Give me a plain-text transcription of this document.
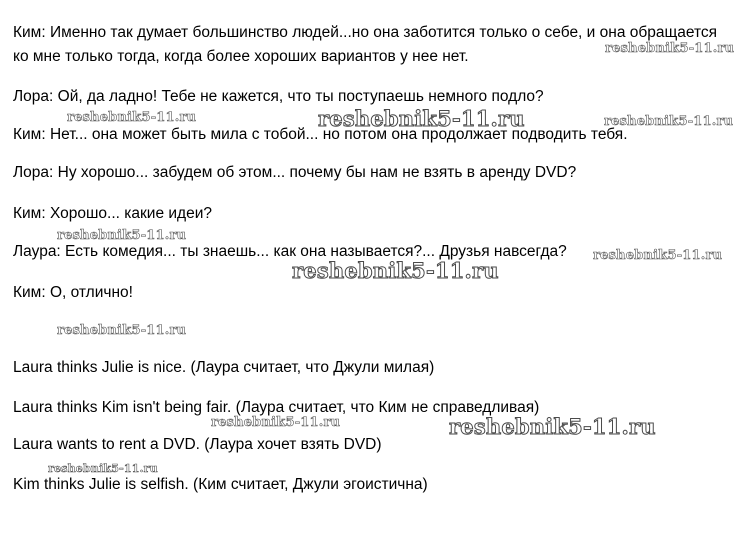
Ким: Именно так думает большинство людей...но она заботится только о себе, и она обращается
ко мне только тогда, когда более хороших вариантов у нее нет.
Лора: Ой, да ладно! Тебе не кажется, что ты поступаешь немного подло?
Ким: Нет... она может быть мила с тобой... но потом она продолжает подводить тебя.
Лора: Ну хорошо... забудем об этом... почему бы нам не взять в аренду DVD?
Ким: Хорошо... какие идеи?
Лаура: Есть комедия... ты знаешь... как она называется?... Друзья навсегда?
Ким: О, отлично!
Laura thinks Julie is nice. (Лаура считает, что Джули милая)
Laura thinks Kim isn't being fair. (Лаура считает, что Ким не справедливая)
Laura wants to rent a DVD. (Лаура хочет взять DVD)
Kim thinks Julie is selfish. (Ким считает, Джули эгоистична)
reshebnik5-11.ru
reshebnik5-11.ru	reshebnik5-11.ru	reshebnik5-11.ru
reshebnik5-11.ru
reshebnik5-11.ru
reshebnik5-11.ru
reshebnik5-11.ru
reshebnik5-11.ru	reshebnik5-11.ru
reshebnik5-11.ru
